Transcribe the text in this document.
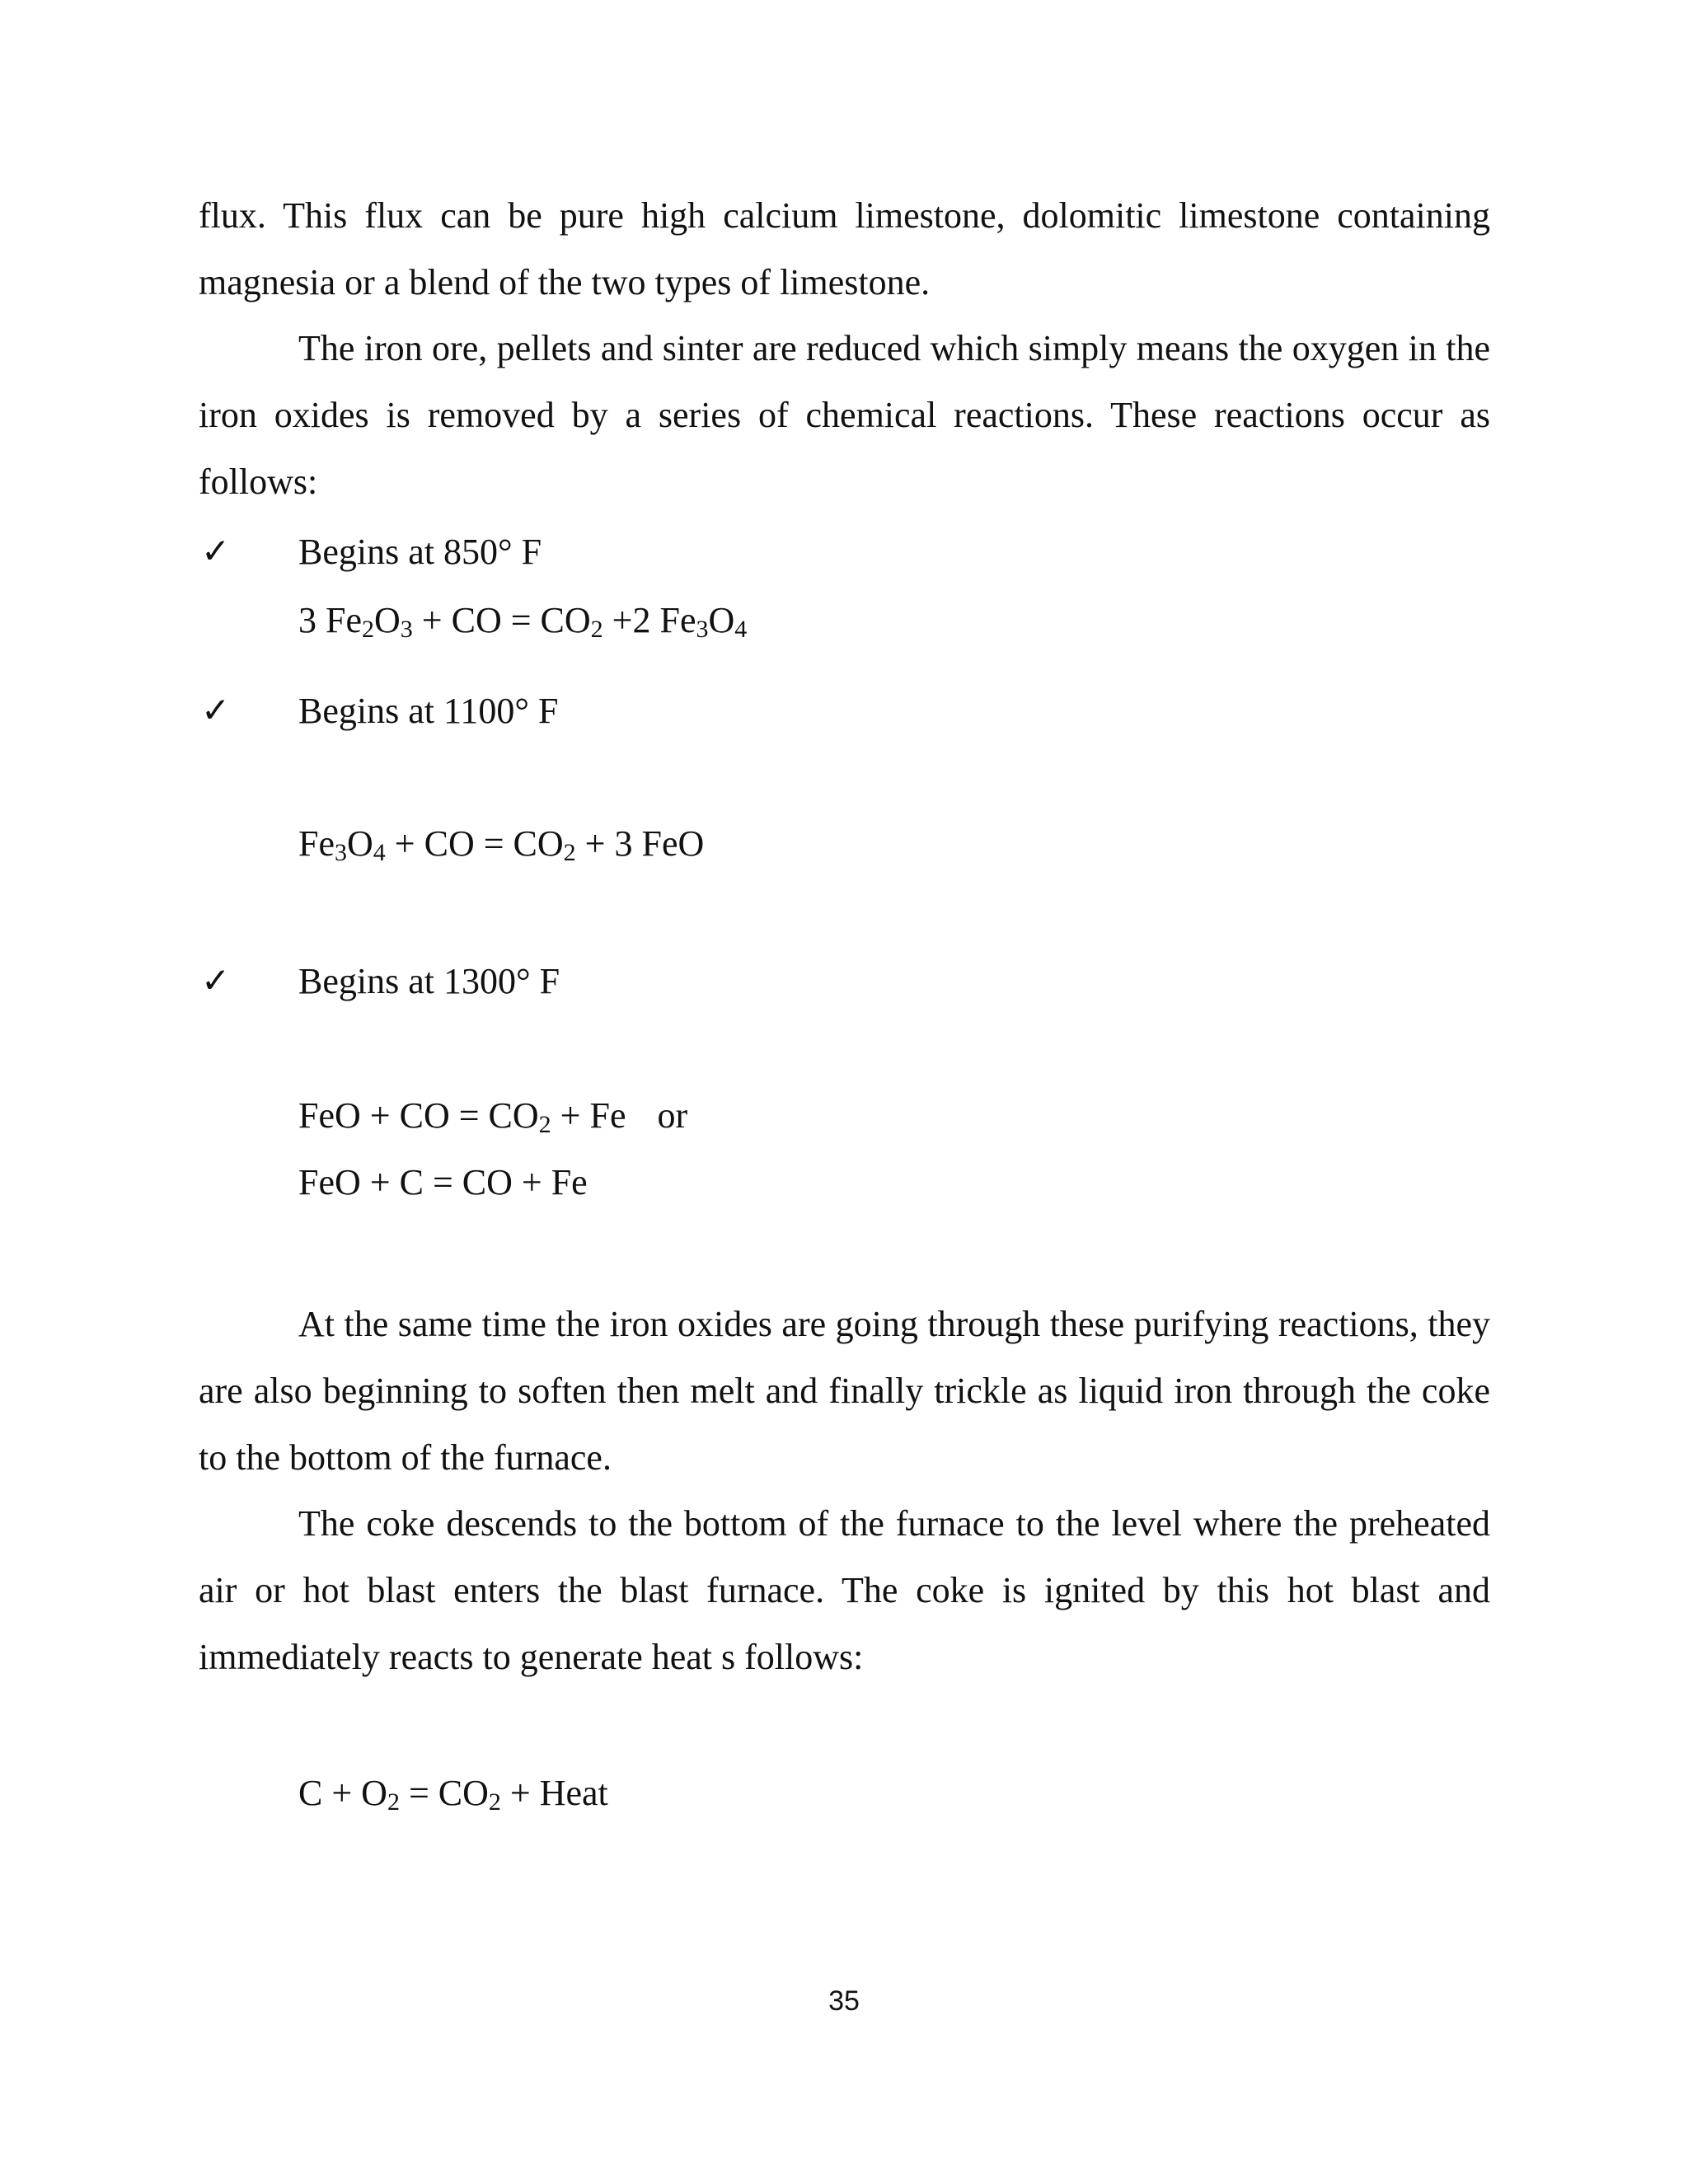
flux. This flux can be pure high calcium limestone, dolomitic limestone containing magnesia or a blend of the two types of limestone.

The iron ore, pellets and sinter are reduced which simply means the oxygen in the iron oxides is removed by a series of chemical reactions. These reactions occur as follows:

✓ Begins at 850° F
3 $Fe_2O_3$ + CO = $CO_2 +2$ $Fe_3O_4$
✓ Begins at 1100° F
$Fe_3O_4$ + CO = $CO_2 + 3$ FeO
✓ Begins at 1300° F
FeO + CO = $CO_2 + Fe$ or
FeO + C = CO + Fe

At the same time the iron oxides are going through these purifying reactions, they are also beginning to soften then melt and finally trickle as liquid iron through the coke to the bottom of the furnace.

The coke descends to the bottom of the furnace to the level where the preheated air or hot blast enters the blast furnace. The coke is ignited by this hot blast and immediately reacts to generate heat s follows:

$C + O_2 = CO_2$ + Heat
35
